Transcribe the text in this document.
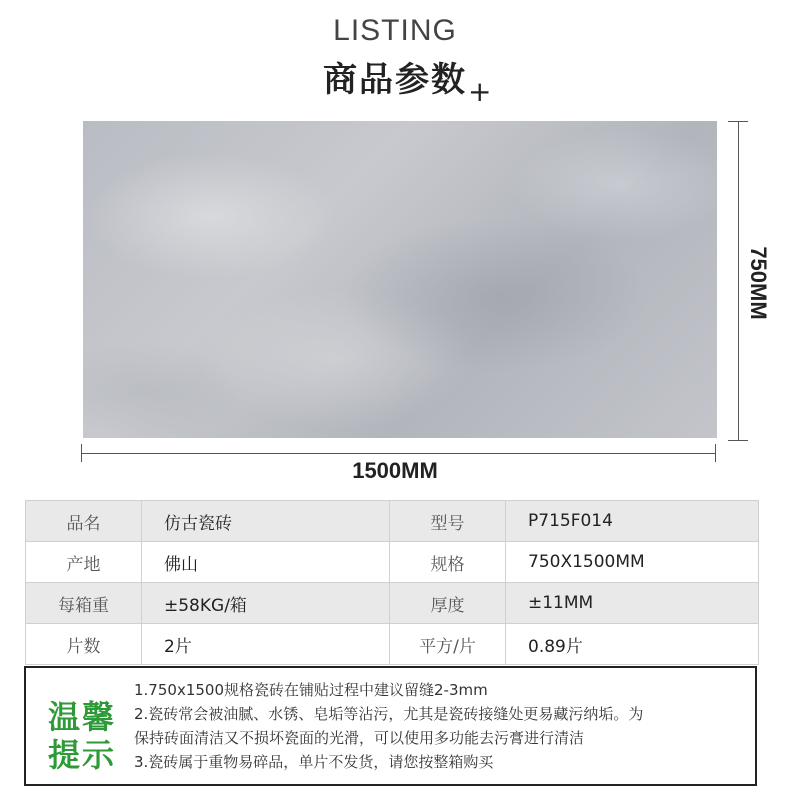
LISTING
商品参数 +
750MM
1500MM
品名	仿古瓷砖	型号	P715F014
产地	佛山	规格	750X1500MM
每箱重	±58KG/箱	厚度	±11MM
片数	2片	平方/片	0.89片
温馨
提示
1.750x1500规格瓷砖在铺贴过程中建议留缝2-3mm
2.瓷砖常会被油腻、水锈、皂垢等沾污，尤其是瓷砖接缝处更易藏污纳垢。为
保持砖面清洁又不损坏瓷面的光滑，可以使用多功能去污膏进行清洁
3.瓷砖属于重物易碎品，单片不发货，请您按整箱购买
